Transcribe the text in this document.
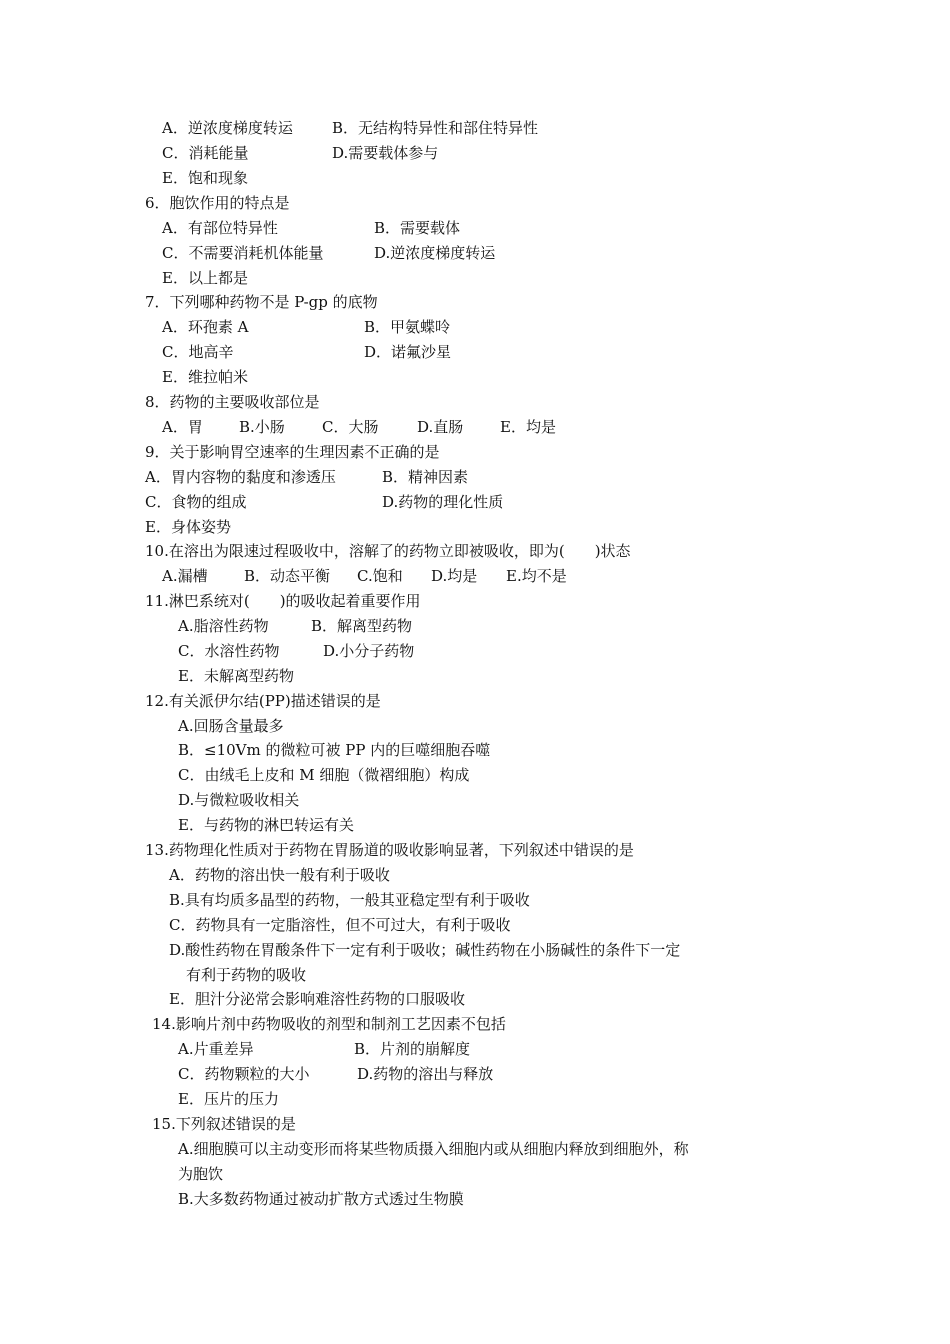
A．逆浓度梯度转运	B．无结构特异性和部住特异性
C．消耗能量	D.需要载体参与
E．饱和现象
6．胞饮作用的特点是
A．有部位特异性	B．需要载体
C．不需要消耗机体能量	D.逆浓度梯度转运
E．以上都是
7．下列哪种药物不是 P-gp 的底物
A．环孢素 A	B．甲氨蝶呤
C．地高辛	D．诺氟沙星
E．维拉帕米
8．药物的主要吸收部位是
A．胃 B.小肠 C．大肠	D.直肠 E．均是
9．关于影响胃空速率的生理因素不正确的是
A．胃内容物的黏度和渗透压	B．精神因素
C．食物的组成	D.药物的理化性质
E．身体姿势
10.在溶出为限速过程吸收中，溶解了的药物立即被吸收，即为(　　)状态
A.漏槽 B．动态平衡 C.饱和 D.均是 E.均不是
11.淋巴系统对(　　)的吸收起着重要作用
A.脂溶性药物	B．解离型药物
C．水溶性药物	D.小分子药物
E．未解离型药物
12.有关派伊尔结(PP)描述错误的是
A.回肠含量最多
B．≤10Vm 的微粒可被 PP 内的巨噬细胞吞噬
C．由绒毛上皮和 M 细胞（微褶细胞）构成
D.与微粒吸收相关
E．与药物的淋巴转运有关
13.药物理化性质对于药物在胃肠道的吸收影响显著，下列叙述中错误的是
A．药物的溶出快一般有利于吸收
B.具有均质多晶型的药物，一般其亚稳定型有利于吸收
C．药物具有一定脂溶性，但不可过大，有利于吸收
D.酸性药物在胃酸条件下一定有利于吸收；碱性药物在小肠碱性的条件下一定
有利于药物的吸收
E．胆汁分泌常会影响难溶性药物的口服吸收
14.影响片剂中药物吸收的剂型和制剂工艺因素不包括
A.片重差异	B．片剂的崩解度
C．药物颗粒的大小	D.药物的溶出与释放
E．压片的压力
15.下列叙述错误的是
A.细胞膜可以主动变形而将某些物质摄入细胞内或从细胞内释放到细胞外，称
为胞饮
B.大多数药物通过被动扩散方式透过生物膜
